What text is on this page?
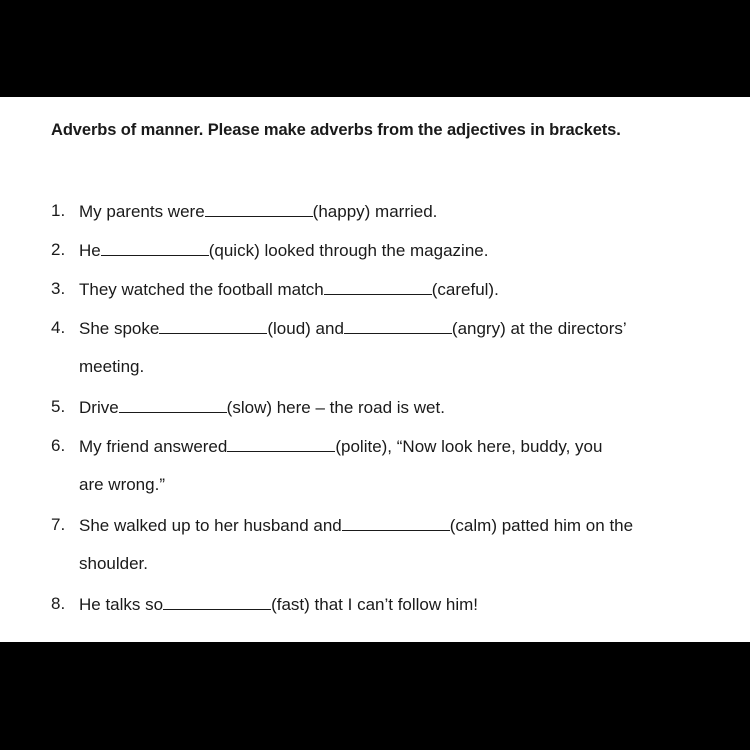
Adverbs of manner. Please make adverbs from the adjectives in brackets.
1. My parents were	(happy) married.
2. He	(quick) looked through the magazine.
3. They watched the football match	(careful).
4. She spoke	(loud) and	(angry) at the directors’
meeting.
5. Drive	(slow) here – the road is wet.
6. My friend answered	(polite), “Now look here, buddy, you
are wrong.”
7. She walked up to her husband and	(calm) patted him on the
shoulder.
8. He talks so	(fast) that I can’t follow him!
